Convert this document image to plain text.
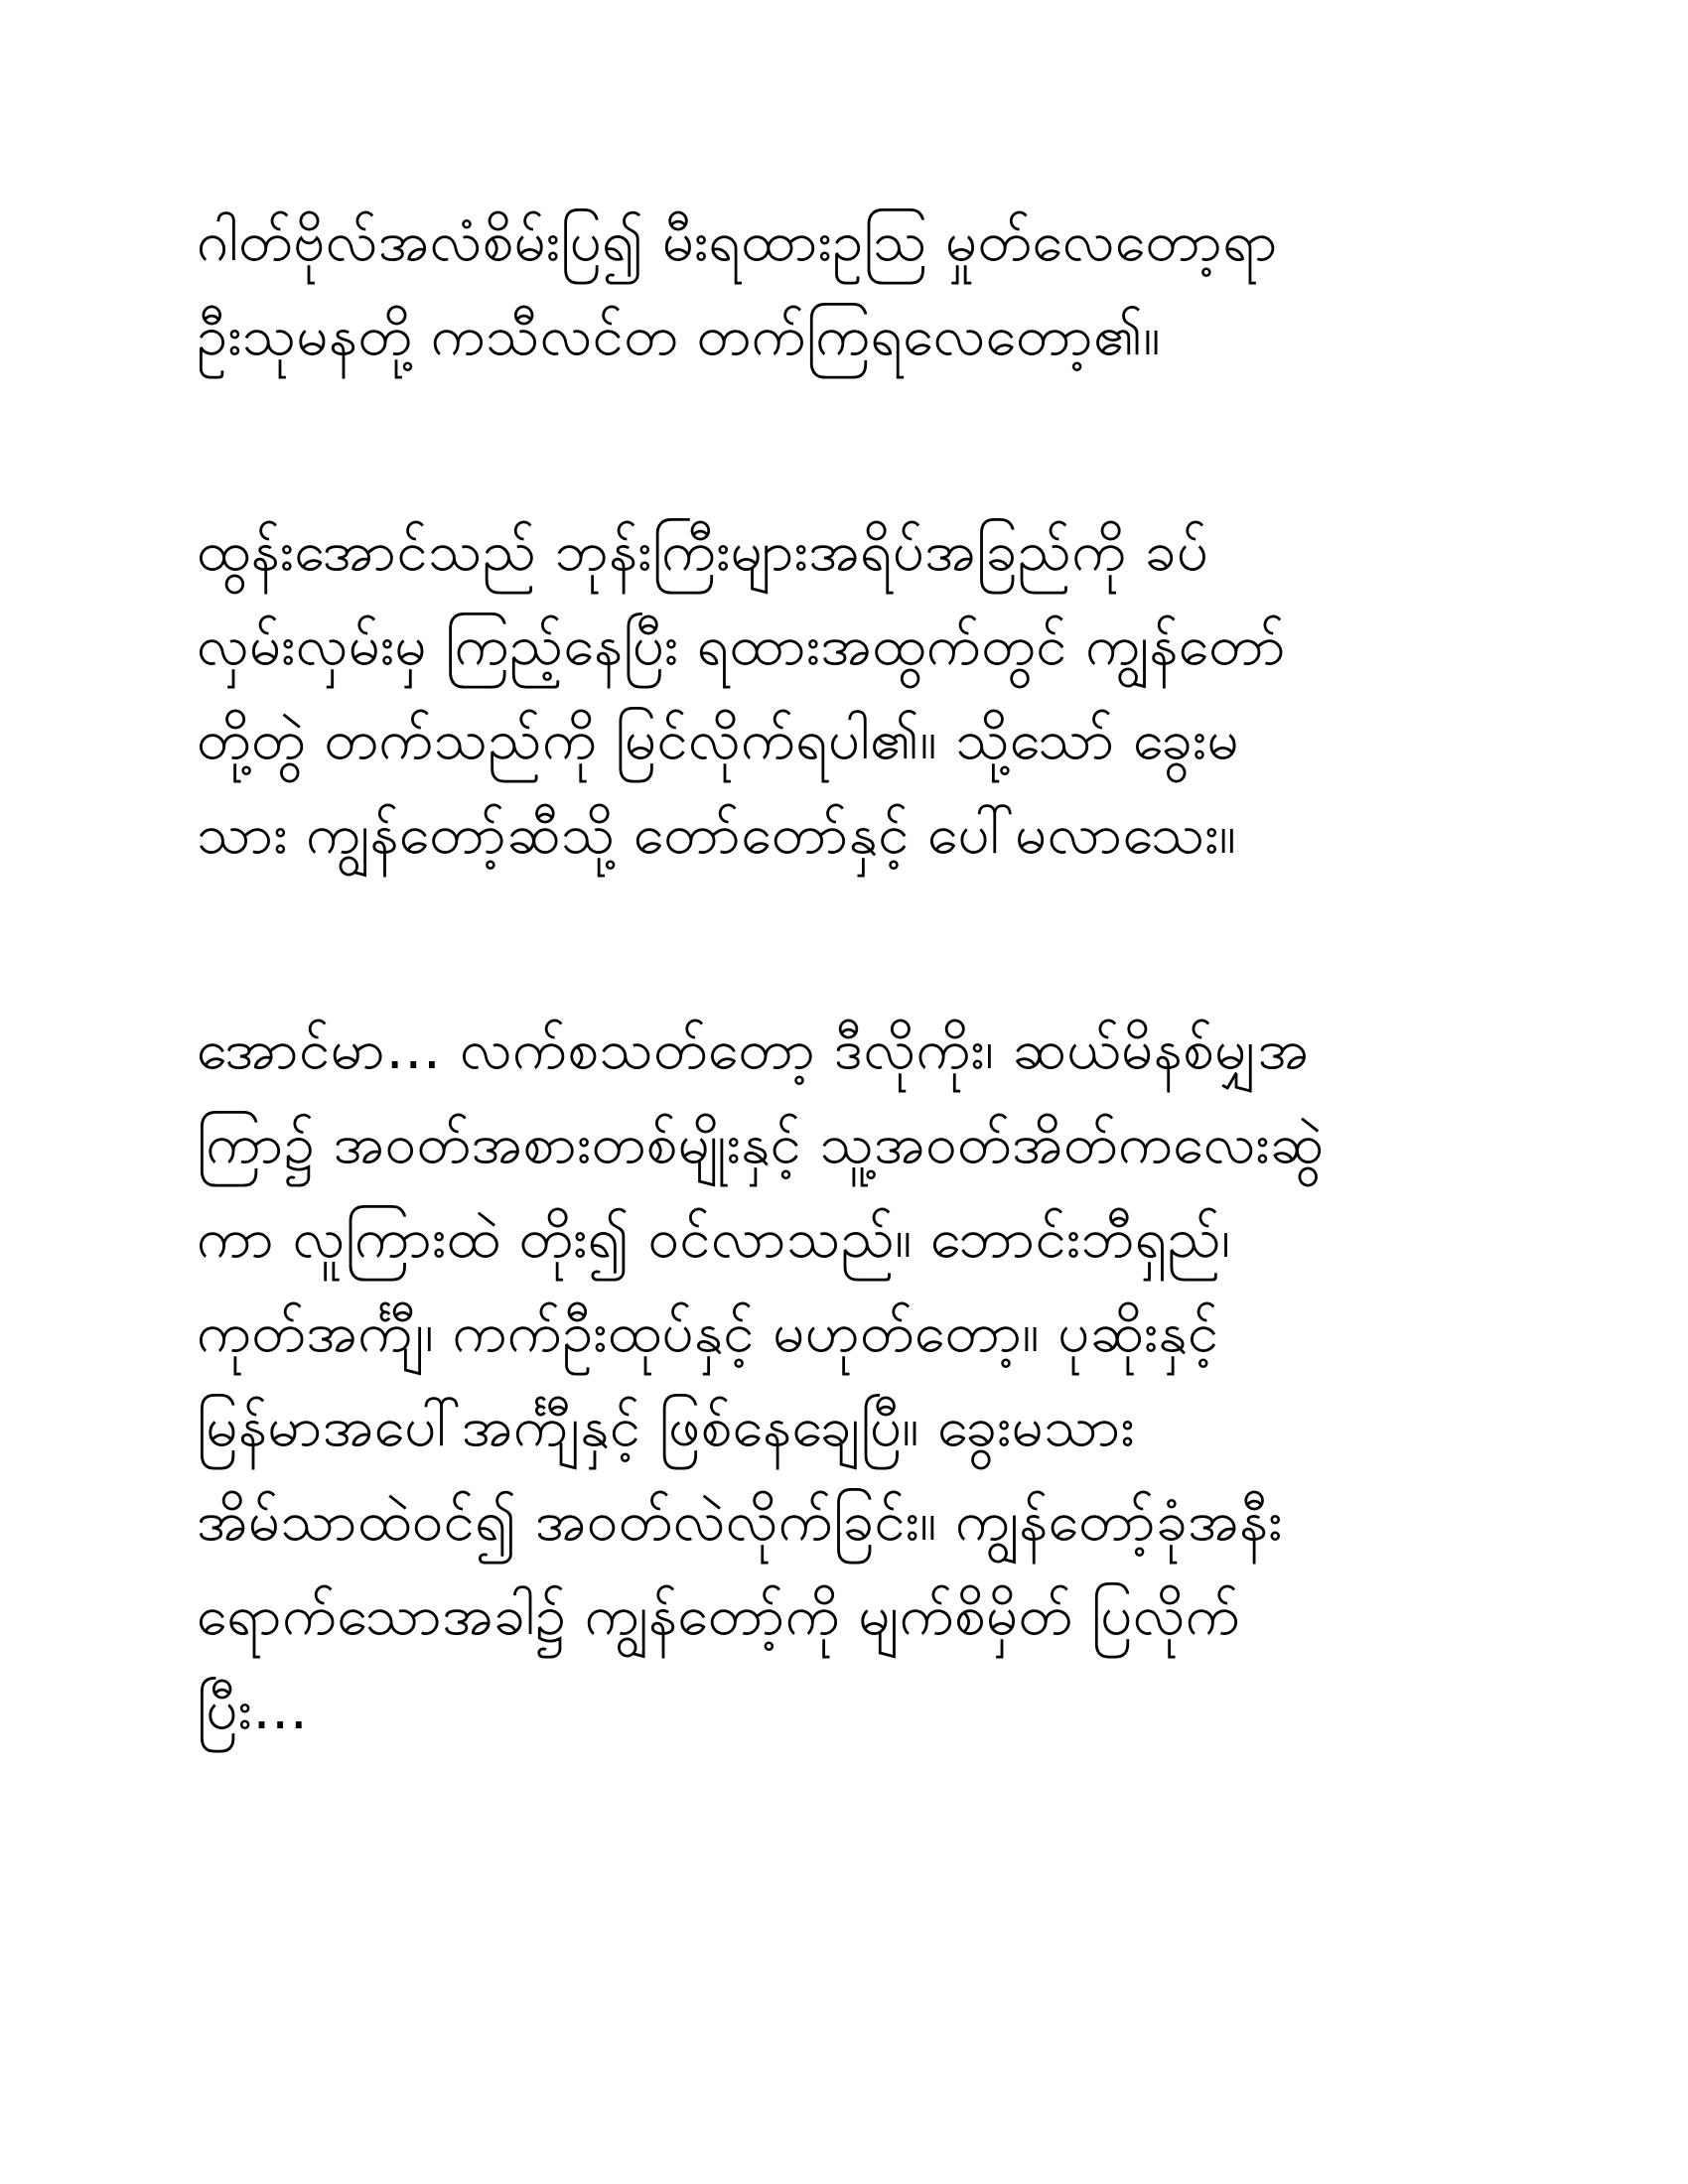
ဂါတ်ဗိုလ်အလံစိမ်းပြ၍ မီးရထားဥသြ မှုတ်လေတော့ရာ
ဦးသုမနတို့ ကသီလင်တ တက်ကြရလေတော့၏။
ထွန်းအောင်သည် ဘုန်းကြီးများအရိပ်အခြည်ကို ခပ်
လှမ်းလှမ်းမှ ကြည့်နေပြီး ရထားအထွက်တွင် ကျွန်တော်
တို့တွဲ တက်သည်ကို မြင်လိုက်ရပါ၏။ သို့သော် ခွေးမ
သား ကျွန်တော့်ဆီသို့ တော်တော်နှင့် ပေါ်မလာသေး။
အောင်မာ… လက်စသတ်တော့ ဒီလိုကိုး၊ ဆယ်မိနစ်မျှအ
ကြာ၌ အဝတ်အစားတစ်မျိုးနှင့် သူ့အဝတ်အိတ်ကလေးဆွဲ
ကာ လူကြားထဲ တိုး၍ ဝင်လာသည်။ ဘောင်းဘီရှည်၊
ကုတ်အင်္ကျီ၊ ကက်ဦးထုပ်နှင့် မဟုတ်တော့။ ပုဆိုးနှင့်
မြန်မာအပေါ်အင်္ကျီနှင့် ဖြစ်နေချေပြီ။ ခွေးမသား
အိမ်သာထဲဝင်၍ အဝတ်လဲလိုက်ခြင်း။ ကျွန်တော့်ခုံအနီး
ရောက်သောအခါ၌ ကျွန်တော့်ကို မျက်စိမှိတ် ပြလိုက်
ပြီး…
